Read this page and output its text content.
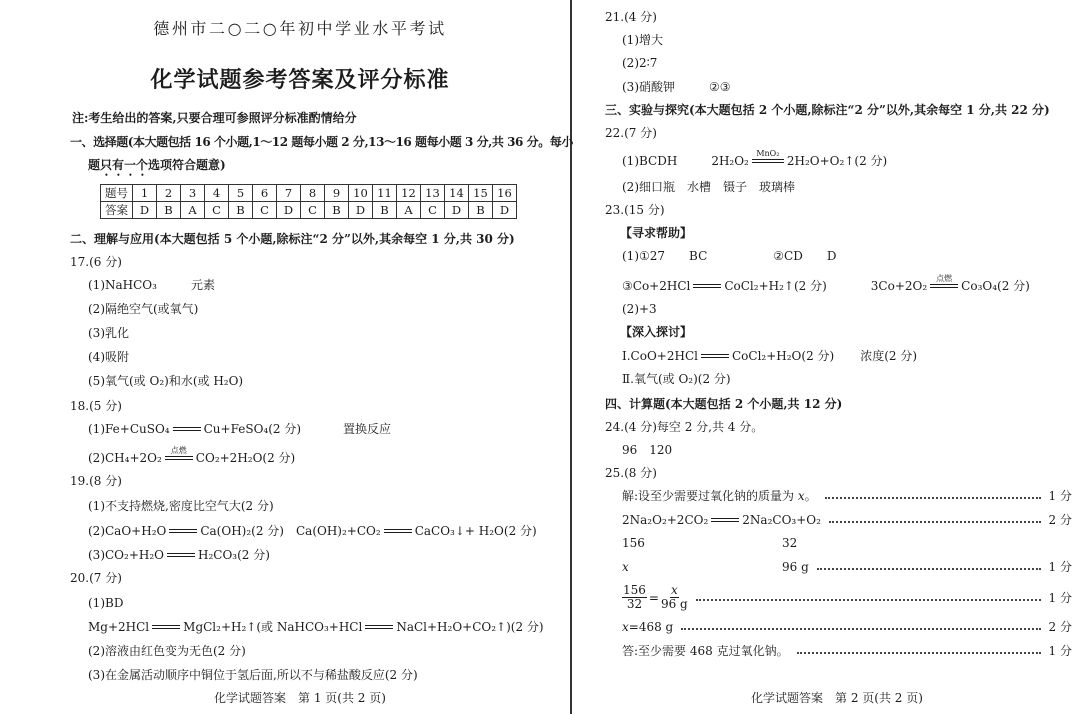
德州市二○二○年初中学业水平考试
化学试题参考答案及评分标准
注:考生给出的答案,只要合理可参照评分标准酌情给分
一、选择题(本大题包括 16 个小题,1～12 题每小题 2 分,13～16 题每小题 3 分,共 36 分。每小
题只有一个选项符合题意)
题号	1	2	3	4	5	6	7	8	9	10	11	12	13	14	15	16
答案	D	B	A	C	B	C	D	C	B	D	B	A	C	D	B	D
二、理解与应用(本大题包括 5 个小题,除标注“2 分”以外,其余每空 1 分,共 30 分)
17.(6 分)
(1)NaHCO₃	元素
(2)隔绝空气(或氧气)
(3)乳化
(4)吸附
(5)氧气(或 O₂)和水(或 H₂O)
18.(5 分)
(1)Fe+CuSO₄	Cu+FeSO₄(2 分)	置换反应
(2)CH₄+2O₂
点燃
CO₂+2H₂O(2 分)
19.(8 分)
(1)不支持燃烧,密度比空气大(2 分)
(2)CaO+H₂O	Ca(OH)₂(2 分) Ca(OH)₂+CO₂	CaCO₃↓+ H₂O(2 分)
(3)CO₂+H₂O	H₂CO₃(2 分)
20.(7 分)
(1)BD
Mg+2HCl	MgCl₂+H₂↑(或 NaHCO₃+HCl	NaCl+H₂O+CO₂↑)(2 分)
(2)溶液由红色变为无色(2 分)
(3)在金属活动顺序中铜位于氢后面,所以不与稀盐酸反应(2 分)
化学试题答案　第 1 页(共 2 页)
21.(4 分)
(1)增大
(2)2∶7
(3)硝酸钾	②③
三、实验与探究(本大题包括 2 个小题,除标注“2 分”以外,其余每空 1 分,共 22 分)
22.(7 分)
(1)BCDH	2H₂O₂
MnO₂
2H₂O+O₂↑(2 分)
(2)细口瓶　水槽　镊子　玻璃棒
23.(15 分)
【寻求帮助】
(1)①27 BC	②CD D
③Co+2HCl	CoCl₂+H₂↑(2 分)	3Co+2O₂
点燃
Co₃O₄(2 分)
(2)+3
【深入探讨】
Ⅰ.CoO+2HCl	CoCl₂+H₂O(2 分) 浓度(2 分)
Ⅱ.氧气(或 O₂)(2 分)
四、计算题(本大题包括 2 个小题,共 12 分)
24.(4 分)每空 2 分,共 4 分。
96 120
25.(8 分)
解:设至少需要过氧化钠的质量为 x。	1 分
2Na₂O₂+2CO₂	2Na₂CO₃+O₂	2 分
156	32
x	96 g	1 分
$\frac{156}{32} = \frac{x}{96 g}$	1 分
x=468 g	2 分
答:至少需要 468 克过氧化钠。	1 分
化学试题答案　第 2 页(共 2 页)
